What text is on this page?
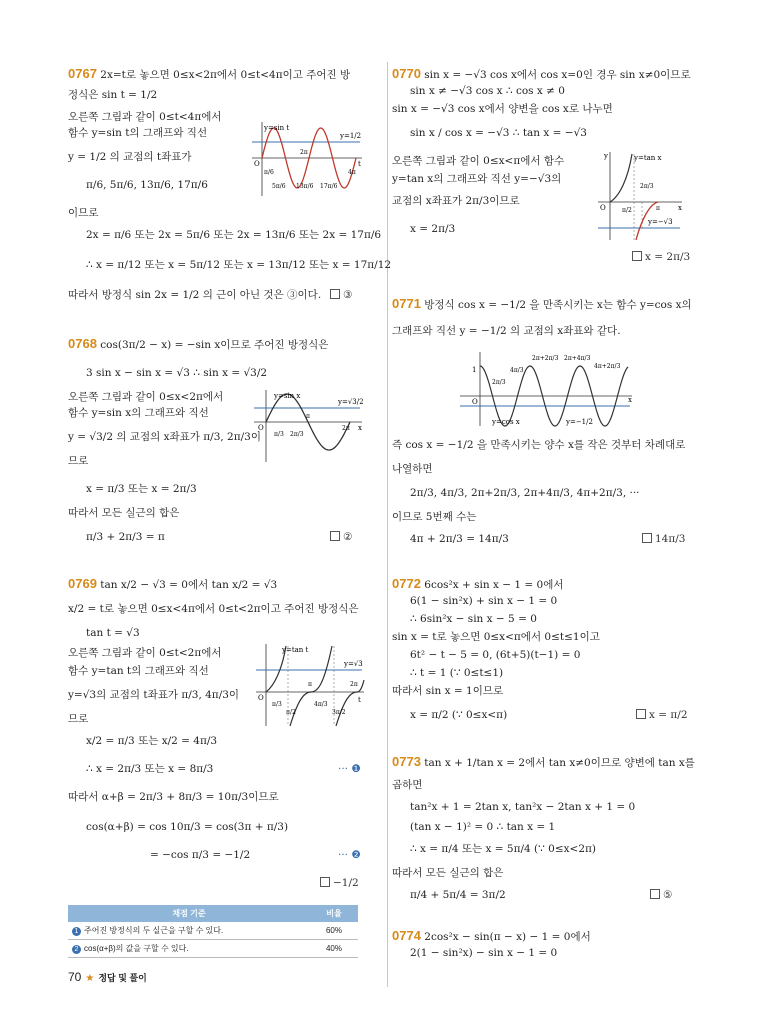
0767 2x=t로 놓으면 0≤x<2π에서 0≤t<4π이고 주어진 방
정식은 sin t = 1/2
오른쪽 그림과 같이 0≤t<4π에서
함수 y=sin t의 그래프와 직선
y = 1/2 의 교점의 t좌표가
π/6, 5π/6, 13π/6, 17π/6
이므로
2x = π/6 또는 2x = 5π/6 또는 2x = 13π/6 또는 2x = 17π/6
∴ x = π/12 또는 x = 5π/12 또는 x = 13π/12 또는 x = 17π/12
따라서 방정식 sin 2x = 1/2 의 근이 아닌 것은 ③이다.	③
0768 cos(3π/2 − x) = −sin x이므로 주어진 방정식은
3 sin x − sin x = √3 ∴ sin x = √3/2
오른쪽 그림과 같이 0≤x<2π에서
함수 y=sin x의 그래프와 직선
y = √3/2 의 교점의 x좌표가 π/3, 2π/3이
므로
x = π/3 또는 x = 2π/3
따라서 모든 실근의 합은
π/3 + 2π/3 = π	②
0769 tan x/2 − √3 = 0에서 tan x/2 = √3
x/2 = t로 놓으면 0≤x<4π에서 0≤t<2π이고 주어진 방정식은
tan t = √3
오른쪽 그림과 같이 0≤t<2π에서
함수 y=tan t의 그래프와 직선
y=√3의 교점의 t좌표가 π/3, 4π/3이
므로
x/2 = π/3 또는 x/2 = 4π/3
∴ x = 2π/3 또는 x = 8π/3	··· ❶
따라서 α+β = 2π/3 + 8π/3 = 10π/3이므로
cos(α+β) = cos 10π/3 = cos(3π + π/3)
= −cos π/3 = −1/2	··· ❷
−1/2
y=sin t
y=1/2
O	t
π/6
2π
4π
5π/6 13π/6 17π/6
y=sin x
y=√3/2
O	x
π/3 2π/3
π
2π
y=tan t
y=√3
O	t
π/3
π/2
π
4π/3
3π/2
2π
채점 기준	비율
1 주어진 방정식의 두 실근을 구할 수 있다.	60%
2 cos(α+β)의 값을 구할 수 있다.	40%
70 ★ 정답 및 풀이
0770 sin x = −√3 cos x에서 cos x=0인 경우 sin x≠0이므로
sin x ≠ −√3 cos x ∴ cos x ≠ 0
sin x = −√3 cos x에서 양변을 cos x로 나누면
sin x / cos x = −√3 ∴ tan x = −√3
오른쪽 그림과 같이 0≤x<π에서 함수
y=tan x의 그래프와 직선 y=−√3의
교점의 x좌표가 2π/3이므로
x = 2π/3
x = 2π/3
0771 방정식 cos x = −1/2 을 만족시키는 x는 함수 y=cos x의
그래프와 직선 y = −1/2 의 교점의 x좌표와 같다.
즉 cos x = −1/2 을 만족시키는 양수 x를 작은 것부터 차례대로
나열하면
2π/3, 4π/3, 2π+2π/3, 2π+4π/3, 4π+2π/3, ···
이므로 5번째 수는
4π + 2π/3 = 14π/3	14π/3
0772 6cos²x + sin x − 1 = 0에서
6(1 − sin²x) + sin x − 1 = 0
∴ 6sin²x − sin x − 5 = 0
sin x = t로 놓으면 0≤x<π에서 0≤t≤1이고
6t² − t − 5 = 0, (6t+5)(t−1) = 0
∴ t = 1 (∵ 0≤t≤1)
따라서 sin x = 1이므로
x = π/2 (∵ 0≤x<π)	x = π/2
0773 tan x + 1/tan x = 2에서 tan x≠0이므로 양변에 tan x를
곱하면
tan²x + 1 = 2tan x, tan²x − 2tan x + 1 = 0
(tan x − 1)² = 0 ∴ tan x = 1
∴ x = π/4 또는 x = 5π/4 (∵ 0≤x<2π)
따라서 모든 실근의 합은
π/4 + 5π/4 = 3π/2	⑤
0774 2cos²x − sin(π − x) − 1 = 0에서
2(1 − sin²x) − sin x − 1 = 0
y=tan x
y=−√3
O	x
y
2π/3
π/2	π
y=cos x	y=−1/2
O
1
x
2π/3
4π/3
2π+2π/3 2π+4π/3
4π+2π/3
